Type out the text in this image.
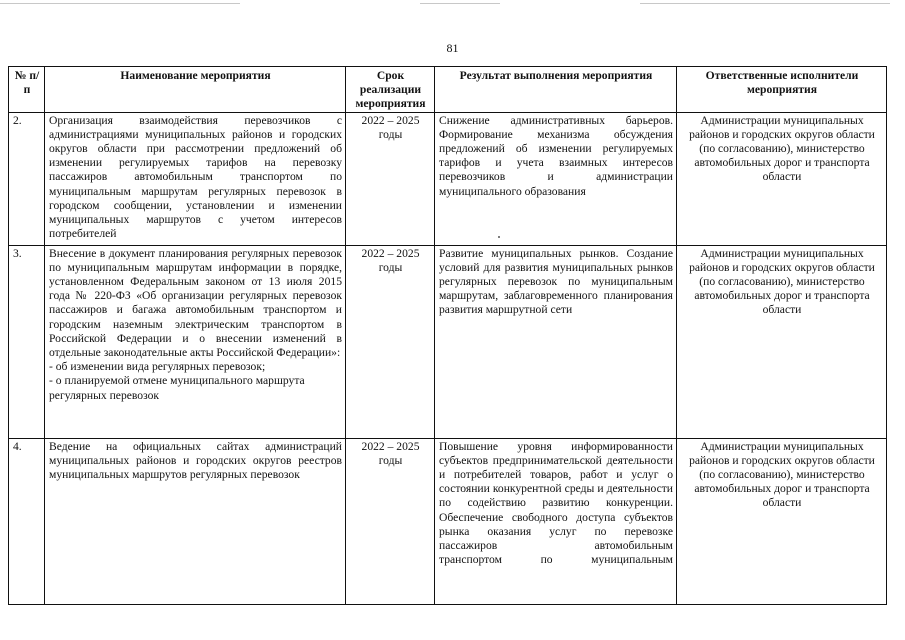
81
№ п/п	Наименование мероприятия	Срок реализации мероприятия	Результат выполнения мероприятия	Ответственные исполнители мероприятия
2.	Организация взаимодействия перевозчиков с администрациями муниципальных районов и городских округов области при рассмотрении предложений об изменении регулируемых тарифов на перевозку пассажиров автомобильным транспортом по муниципальным маршрутам регулярных перевозок в городском сообщении, установлении и изменении муниципальных маршрутов с учетом интересов потребителей	2022 – 2025 годы	Снижение административных барьеров. Формирование механизма обсуждения предложений об изменении регулируемых тарифов и учета взаимных интересов перевозчиков и администрации муниципального образования	Администрации муниципальных районов и городских округов области (по согласованию), министерство автомобильных дорог и транспорта области
3.	Внесение в документ планирования регулярных перевозок по муниципальным маршрутам информации в порядке, установленном Федеральным законом от 13 июля 2015 года № 220-ФЗ «Об организации регулярных перевозок пассажиров и багажа автомобильным транспортом и городским наземным электрическим транспортом в Российской Федерации и о внесении изменений в отдельные законодательные акты Российской Федерации»:
- об изменении вида регулярных перевозок;
- о планируемой отмене муниципального маршрута регулярных перевозок	2022 – 2025 годы	Развитие муниципальных рынков. Создание условий для развития муниципальных рынков регулярных перевозок по муниципальным маршрутам, заблаговременного планирования развития маршрутной сети	Администрации муниципальных районов и городских округов области (по согласованию), министерство автомобильных дорог и транспорта области
4.	Ведение на официальных сайтах администраций муниципальных районов и городских округов реестров муниципальных маршрутов регулярных перевозок	2022 – 2025 годы	Повышение уровня информированности субъектов предпринимательской деятельности и потребителей товаров, работ и услуг о состоянии конкурентной среды и деятельности по содействию развитию конкуренции. Обеспечение свободного доступа субъектов рынка оказания услуг по перевозке пассажиров автомобильным
транспортом по муниципальным	Администрации муниципальных районов и городских округов области (по согласованию), министерство автомобильных дорог и транспорта области
